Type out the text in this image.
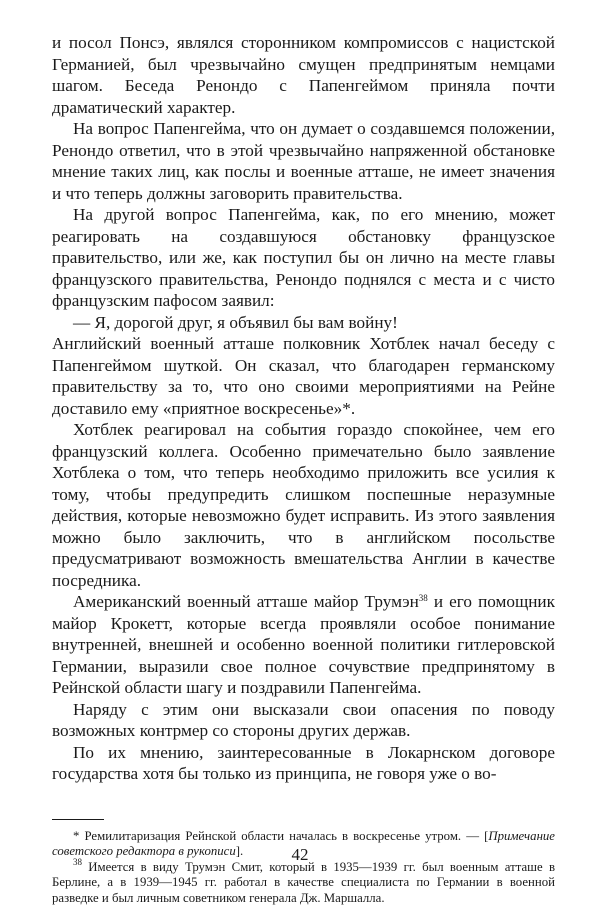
и посол Понсэ, являлся сторонником компромиссов с нацистской Германией, был чрезвычайно смущен предпринятым немцами шагом. Беседа Ренондо с Папенгеймом приняла почти драматический характер.

На вопрос Папенгейма, что он думает о создавшемся положении, Ренондо ответил, что в этой чрезвычайно напряженной обстановке мнение таких лиц, как послы и военные атташе, не имеет значения и что теперь должны заговорить правительства.

На другой вопрос Папенгейма, как, по его мнению, может реагировать на создавшуюся обстановку французское правительство, или же, как поступил бы он лично на месте главы французского правительства, Ренондо поднялся с места и с чисто французским пафосом заявил:

— Я, дорогой друг, я объявил бы вам войну!

Английский военный атташе полковник Хотблек начал беседу с Папенгеймом шуткой. Он сказал, что благодарен германскому правительству за то, что оно своими мероприятиями на Рейне доставило ему «приятное воскресенье»*.

Хотблек реагировал на события гораздо спокойнее, чем его французский коллега. Особенно примечательно было заявление Хотблека о том, что теперь необходимо приложить все усилия к тому, чтобы предупредить слишком поспешные неразумные действия, которые невозможно будет исправить. Из этого заявления можно было заключить, что в английском посольстве предусматривают возможность вмешательства Англии в качестве посредника.

Американский военный атташе майор Трумэн$^{38}$ и его помощник майор Крокетт, которые всегда проявляли особое понимание внутренней, внешней и особенно военной политики гитлеровской Германии, выразили свое полное сочувствие предпринятому в Рейнской области шагу и поздравили Папенгейма.

Наряду с этим они высказали свои опасения по поводу возможных контрмер со стороны других держав.

По их мнению, заинтересованные в Локарнском договоре государства хотя бы только из принципа, не говоря уже о во-

* Ремилитаризация Рейнской области началась в воскресенье утром. — [Примечание советского редактора в рукописи].

$^{38}$ Имеется в виду Трумэн Смит, который в 1935—1939 гг. был военным атташе в Берлине, а в 1939—1945 гг. работал в качестве специалиста по Германии в военной разведке и был личным советником генерала Дж. Маршалла.

42
